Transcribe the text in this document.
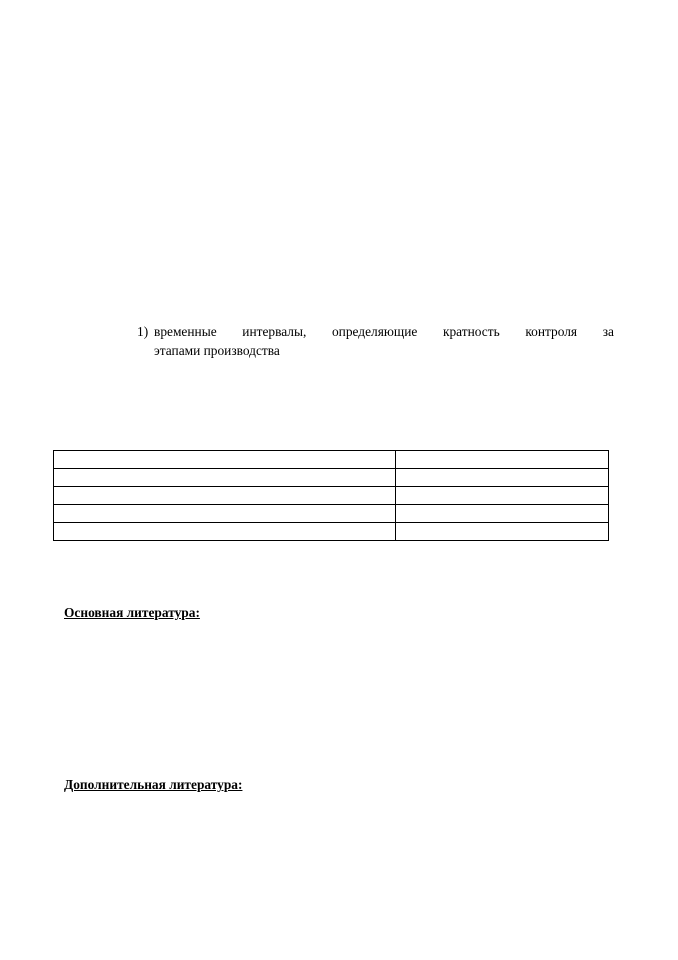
1) временные интервалы, определяющие кратность контроля за
этапами производства

Основная литература:
Дополнительная литература:
